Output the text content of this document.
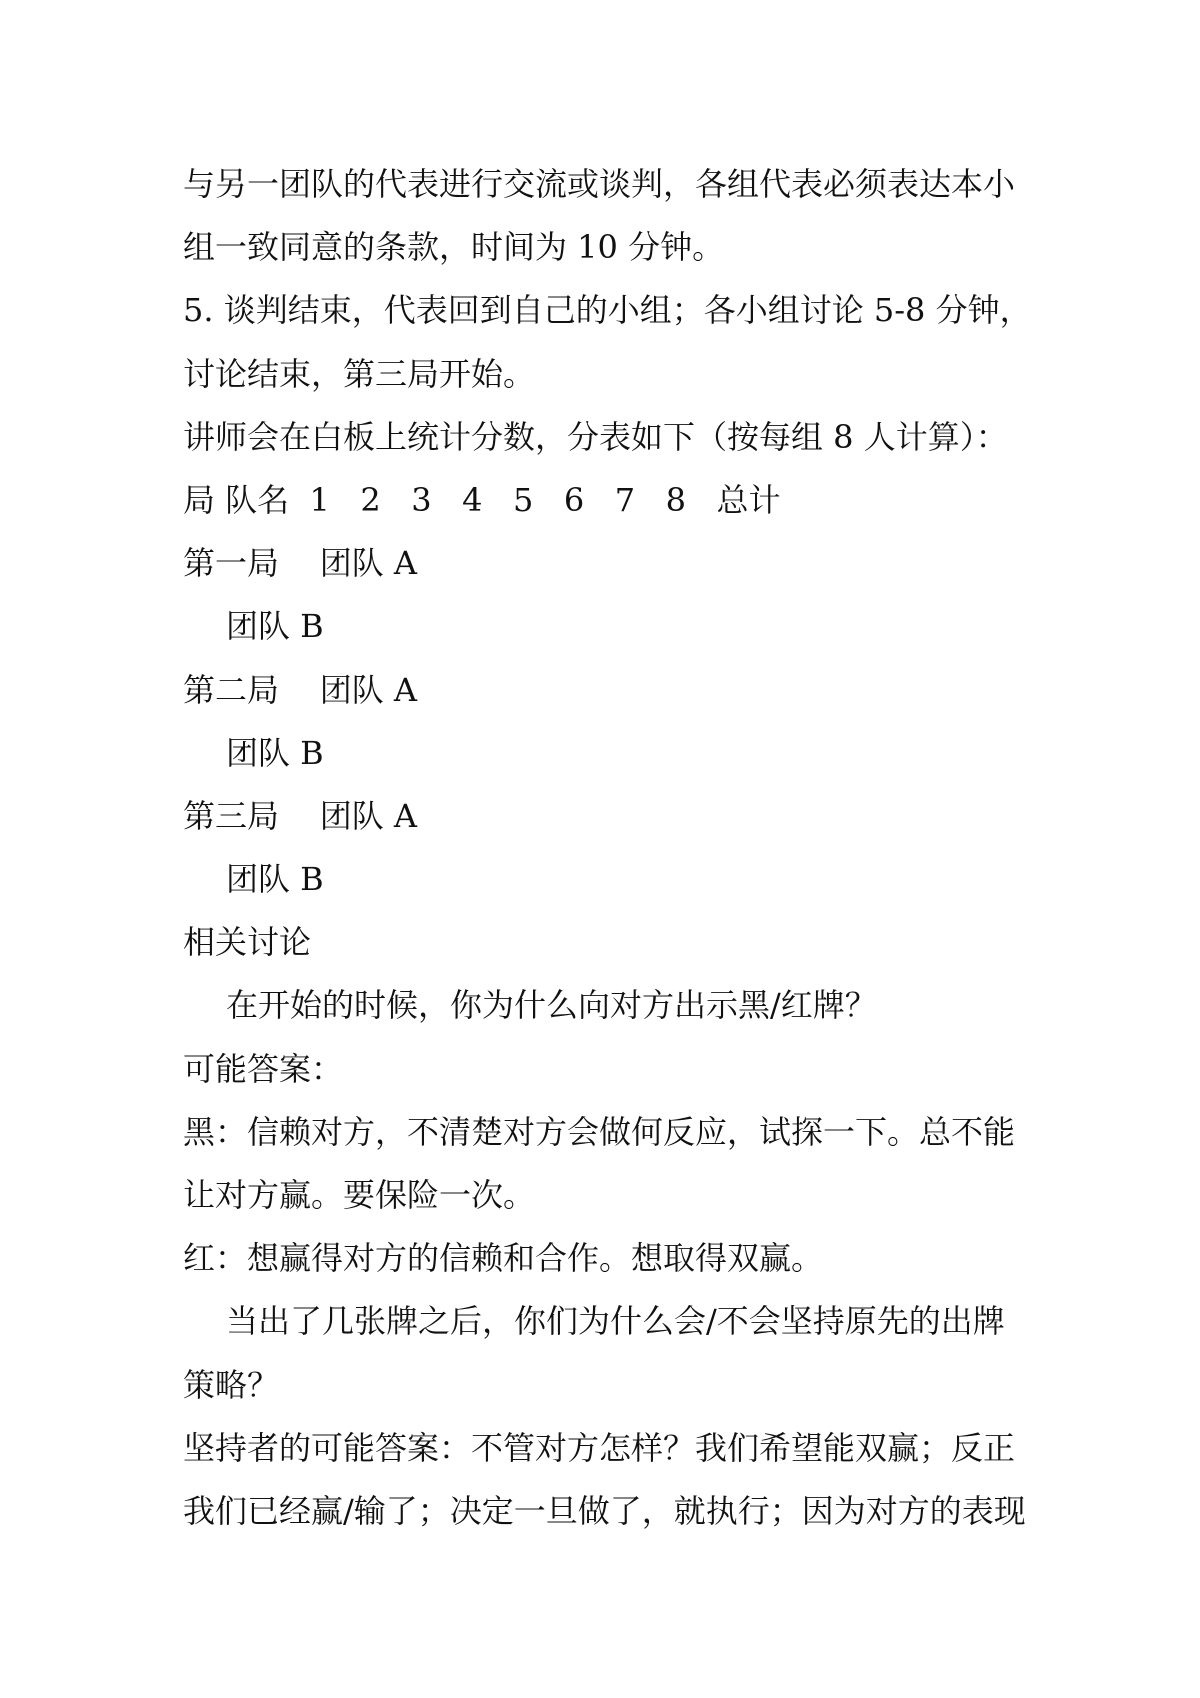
与另一团队的代表进行交流或谈判，各组代表必须表达本小
组一致同意的条款，时间为 10 分钟。
5. 谈判结束，代表回到自己的小组；各小组讨论 5-8 分钟，
讨论结束，第三局开始。
讲师会在白板上统计分数，分表如下（按每组 8 人计算）：
局 队名  1   2   3   4   5   6   7   8   总计
第一局    团队 A
团队 B
第二局    团队 A
团队 B
第三局    团队 A
团队 B
相关讨论
在开始的时候，你为什么向对方出示黑/红牌？
可能答案：
黑：信赖对方，不清楚对方会做何反应，试探一下。总不能
让对方赢。要保险一次。
红：想赢得对方的信赖和合作。想取得双赢。
当出了几张牌之后，你们为什么会/不会坚持原先的出牌
策略？
坚持者的可能答案：不管对方怎样？我们希望能双赢；反正
我们已经赢/输了；决定一旦做了，就执行；因为对方的表现
